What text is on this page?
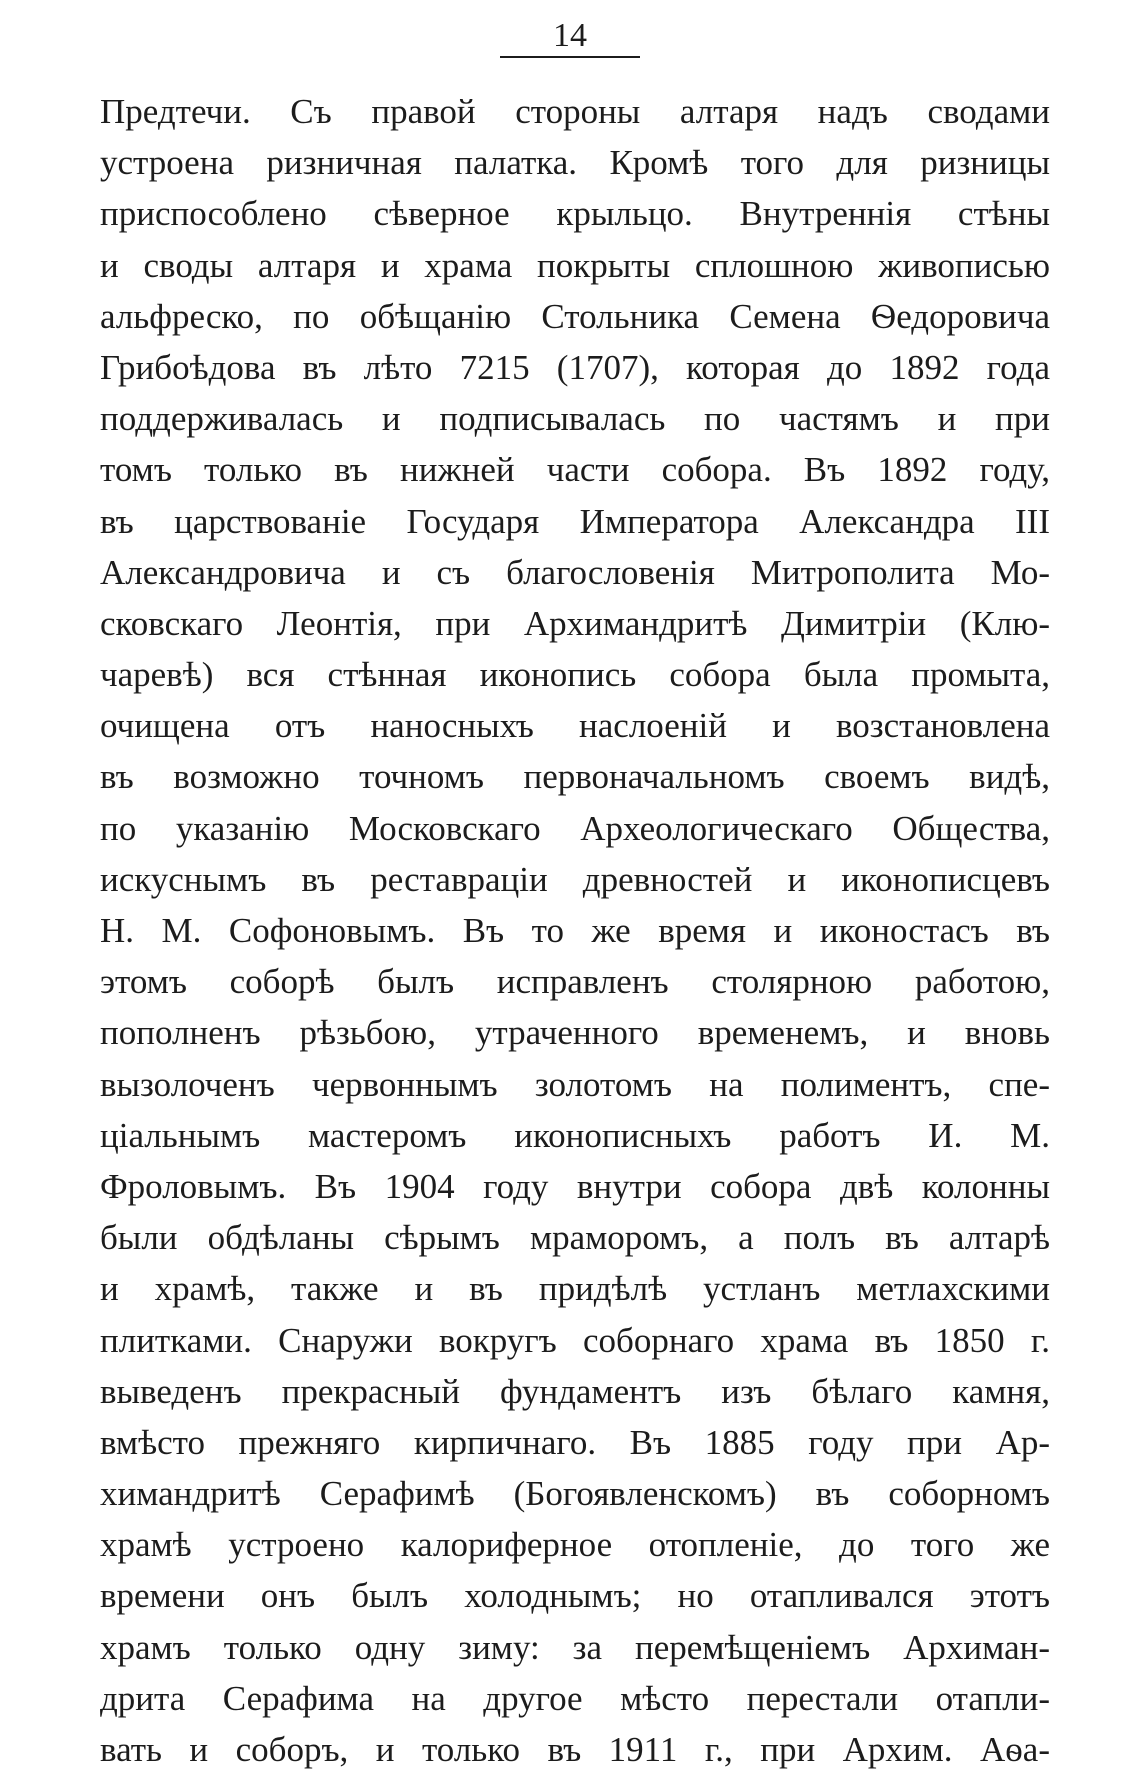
14
Предтечи. Съ правой стороны алтаря надъ сводами
устроена ризничная палатка. Кромѣ того для ризницы
приспособлено сѣверное крыльцо. Внутреннія стѣны
и своды алтаря и храма покрыты сплошною живописью
альфреско, по обѣщанію Стольника Семена Ѳедоровича
Грибоѣдова въ лѣто 7215 (1707), которая до 1892 года
поддерживалась и подписывалась по частямъ и при
томъ только въ нижней части собора. Въ 1892 году,
въ царствованіе Государя Императора Александра III
Александровича и съ благословенія Митрополита Мо-
сковскаго Леонтія, при Архимандритѣ Димитріи (Клю-
чаревѣ) вся стѣнная иконопись собора была промыта,
очищена отъ наносныхъ наслоеній и возстановлена
въ возможно точномъ первоначальномъ своемъ видѣ,
по указанію Московскаго Археологическаго Общества,
искуснымъ въ реставраціи древностей и иконописцевъ
Н. М. Софоновымъ. Въ то же время и иконостасъ въ
этомъ соборѣ былъ исправленъ столярною работою,
пополненъ рѣзьбою, утраченного временемъ, и вновь
вызолоченъ червоннымъ золотомъ на полиментъ, спе-
ціальнымъ мастеромъ иконописныхъ работъ И. М.
Фроловымъ. Въ 1904 году внутри собора двѣ колонны
были обдѣланы сѣрымъ мраморомъ, а полъ въ алтарѣ
и храмѣ, также и въ придѣлѣ устланъ метлахскими
плитками. Снаружи вокругъ соборнаго храма въ 1850 г.
выведенъ прекрасный фундаментъ изъ бѣлаго камня,
вмѣсто прежняго кирпичнаго. Въ 1885 году при Ар-
химандритѣ Серафимѣ (Богоявленскомъ) въ соборномъ
храмѣ устроено калориферное отопленіе, до того же
времени онъ былъ холоднымъ; но отапливался этотъ
храмъ только одну зиму: за перемѣщеніемъ Архиман-
дрита Серафима на другое мѣсто перестали отапли-
вать и соборъ, и только въ 1911 г., при Архим. Аѳа-
